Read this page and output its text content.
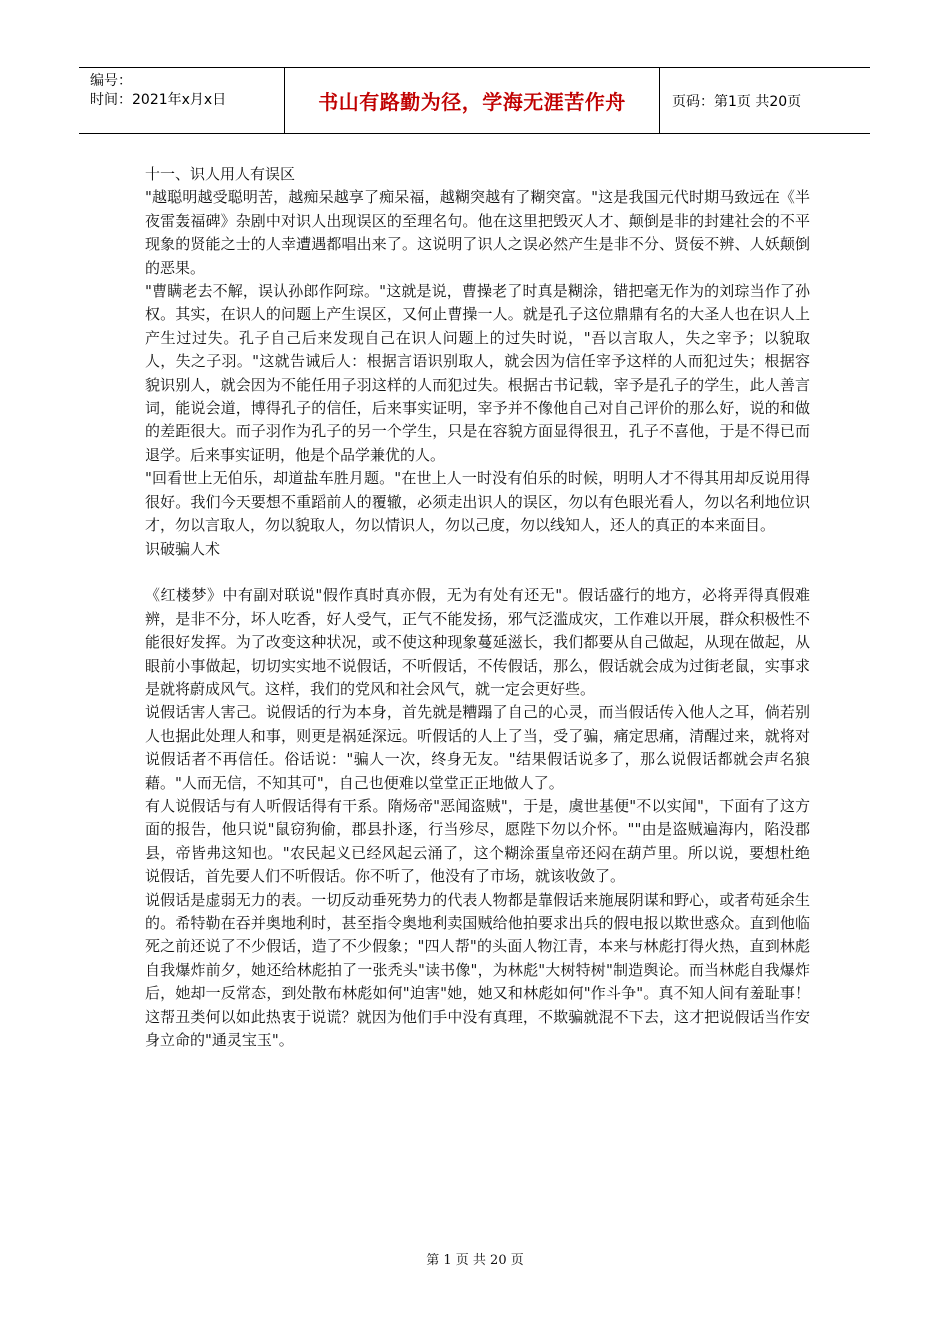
编号：
时间：2021年x月x日	书山有路勤为径，学海无涯苦作舟	页码：第1页 共20页

十一、识人用人有误区

"越聪明越受聪明苦，越痴呆越享了痴呆福，越糊突越有了糊突富。"这是我国元代时期马致远在《半夜雷轰福碑》杂剧中对识人出现误区的至理名句。他在这里把毁灭人才、颠倒是非的封建社会的不平现象的贤能之士的人幸遭遇都唱出来了。这说明了识人之误必然产生是非不分、贤佞不辨、人妖颠倒的恶果。

"曹瞒老去不解，误认孙郎作阿琮。"这就是说，曹操老了时真是糊涂，错把毫无作为的刘琮当作了孙权。其实，在识人的问题上产生误区，又何止曹操一人。就是孔子这位鼎鼎有名的大圣人也在识人上产生过过失。孔子自己后来发现自己在识人问题上的过失时说，"吾以言取人，失之宰予；以貌取人，失之子羽。"这就告诫后人：根据言语识别取人，就会因为信任宰予这样的人而犯过失；根据容貌识别人，就会因为不能任用子羽这样的人而犯过失。根据古书记载，宰予是孔子的学生，此人善言词，能说会道，博得孔子的信任，后来事实证明，宰予并不像他自己对自己评价的那么好，说的和做的差距很大。而子羽作为孔子的另一个学生，只是在容貌方面显得很丑，孔子不喜他，于是不得已而退学。后来事实证明，他是个品学兼优的人。

"回看世上无伯乐，却道盐车胜月题。"在世上人一时没有伯乐的时候，明明人才不得其用却反说用得很好。我们今天要想不重蹈前人的覆辙，必须走出识人的误区，勿以有色眼光看人，勿以名利地位识才，勿以言取人，勿以貌取人，勿以情识人，勿以己度，勿以线知人，还人的真正的本来面目。

识破骗人术

《红楼梦》中有副对联说"假作真时真亦假，无为有处有还无"。假话盛行的地方，必将弄得真假难辨，是非不分，坏人吃香，好人受气，正气不能发扬，邪气泛滥成灾，工作难以开展，群众积极性不能很好发挥。为了改变这种状况，或不使这种现象蔓延滋长，我们都要从自己做起，从现在做起，从眼前小事做起，切切实实地不说假话，不听假话，不传假话，那么，假话就会成为过街老鼠，实事求是就将蔚成风气。这样，我们的党风和社会风气，就一定会更好些。

说假话害人害己。说假话的行为本身，首先就是糟蹋了自己的心灵，而当假话传入他人之耳，倘若别人也据此处理人和事，则更是祸延深远。听假话的人上了当，受了骗，痛定思痛，清醒过来，就将对说假话者不再信任。俗话说："骗人一次，终身无友。"结果假话说多了，那么说假话都就会声名狼藉。"人而无信，不知其可"，自己也便难以堂堂正正地做人了。

有人说假话与有人听假话得有干系。隋炀帝"恶闻盗贼"，于是，虞世基便"不以实闻"，下面有了这方面的报告，他只说"鼠窃狗偷，郡县扑逐，行当殄尽，愿陛下勿以介怀。""由是盗贼遍海内，陷没郡县，帝皆弗这知也。"农民起义已经风起云涌了，这个糊涂蛋皇帝还闷在葫芦里。所以说，要想杜绝说假话，首先要人们不听假话。你不听了，他没有了市场，就该收敛了。

说假话是虚弱无力的表。一切反动垂死势力的代表人物都是靠假话来施展阴谋和野心，或者苟延余生的。希特勒在吞并奥地利时，甚至指令奥地利卖国贼给他拍要求出兵的假电报以欺世惑众。直到他临死之前还说了不少假话，造了不少假象；"四人帮"的头面人物江青，本来与林彪打得火热，直到林彪自我爆炸前夕，她还给林彪拍了一张秃头"读书像"，为林彪"大树特树"制造舆论。而当林彪自我爆炸后，她却一反常态，到处散布林彪如何"迫害"她，她又和林彪如何"作斗争"。真不知人间有羞耻事！这帮丑类何以如此热衷于说谎？就因为他们手中没有真理，不欺骗就混不下去，这才把说假话当作安身立命的"通灵宝玉"。

第 1 页 共 20 页
